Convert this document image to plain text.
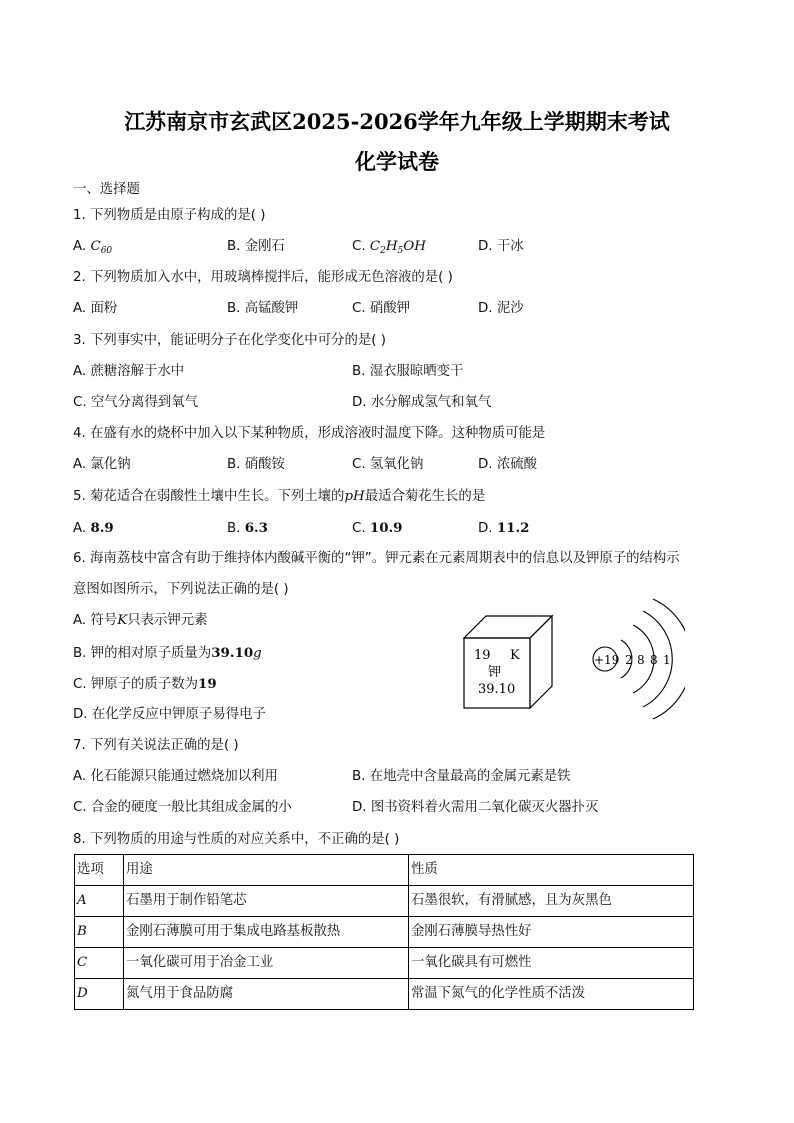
江苏南京市玄武区2025-2026学年九年级上学期期末考试
化学试卷
一、选择题
1. 下列物质是由原子构成的是( )
A. $C_{60}$	B. 金刚石	C. $C_2H_5OH$	D. 干冰
2. 下列物质加入水中，用玻璃棒搅拌后，能形成无色溶液的是( )
A. 面粉	B. 高锰酸钾	C. 硝酸钾	D. 泥沙
3. 下列事实中，能证明分子在化学变化中可分的是( )
A. 蔗糖溶解于水中	B. 湿衣服晾晒变干
C. 空气分离得到氧气	D. 水分解成氢气和氧气
4. 在盛有水的烧杯中加入以下某种物质，形成溶液时温度下降。这种物质可能是
A. 氯化钠	B. 硝酸铵	C. 氢氧化钠	D. 浓硫酸
5. 菊花适合在弱酸性土壤中生长。下列土壤的pH最适合菊花生长的是
A. 8.9	B. 6.3	C. 10.9	D. 11.2
6. 海南荔枝中富含有助于维持体内酸碱平衡的“钾”。钾元素在元素周期表中的信息以及钾原子的结构示
意图如图所示，下列说法正确的是( )
A. 符号K只表示钾元素
B. 钾的相对原子质量为39.10g
C. 钾原子的质子数为19
D. 在化学反应中钾原子易得电子
19 K
钾
39.10
+19 2 8 8 1
7. 下列有关说法正确的是( )
A. 化石能源只能通过燃烧加以利用	B. 在地壳中含量最高的金属元素是铁
C. 合金的硬度一般比其组成金属的小	D. 图书资料着火需用二氧化碳灭火器扑灭
8. 下列物质的用途与性质的对应关系中，不正确的是( )
选项	用途	性质
A	石墨用于制作铅笔芯	石墨很软，有滑腻感，且为灰黑色
B	金刚石薄膜可用于集成电路基板散热	金刚石薄膜导热性好
C	一氧化碳可用于冶金工业	一氧化碳具有可燃性
D	氮气用于食品防腐	常温下氮气的化学性质不活泼
